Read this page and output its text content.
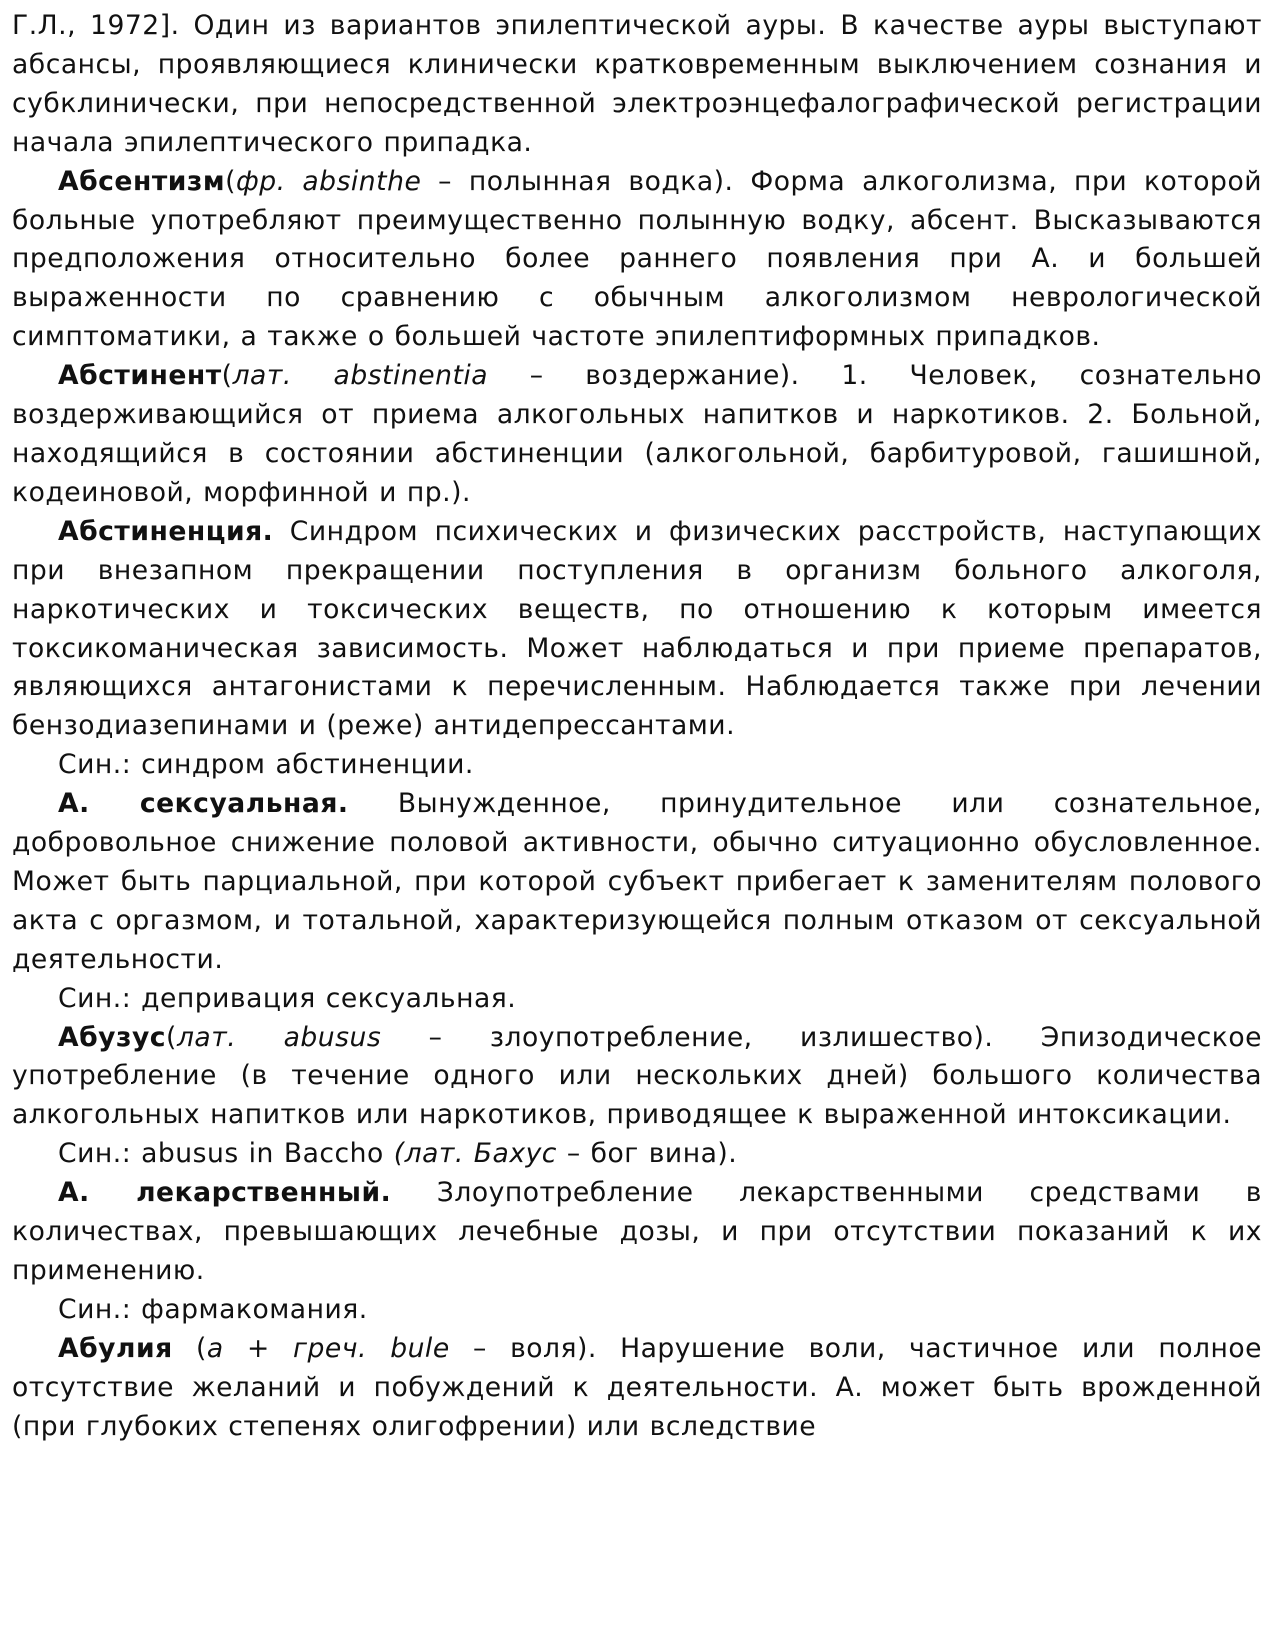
Г.Л., 1972]. Один из вариантов эпилептической ауры. В качестве ауры выступают абсансы, проявляющиеся клинически кратковременным выключением сознания и субклинически, при непосредственной электроэнцефалографической регистрации начала эпилептического припадка.

Абсентизм(фр. absinthe – полынная водка). Форма алкоголизма, при которой больные употребляют преимущественно полынную водку, абсент. Высказываются предположения относительно более раннего появления при А. и большей выраженности по сравнению с обычным алкоголизмом неврологической симптоматики, а также о большей частоте эпилептиформных припадков.

Абстинент(лат. abstinentia – воздержание). 1. Человек, сознательно воздерживающийся от приема алкогольных напитков и наркотиков. 2. Больной, находящийся в состоянии абстиненции (алкогольной, барбитуровой, гашишной, кодеиновой, морфинной и пр.).

Абстиненция. Синдром психических и физических расстройств, наступающих при внезапном прекращении поступления в организм больного алкоголя, наркотических и токсических веществ, по отношению к которым имеется токсикоманическая зависимость. Может наблюдаться и при приеме препаратов, являющихся антагонистами к перечисленным. Наблюдается также при лечении бензодиазепинами и (реже) антидепрессантами.

Син.: синдром абстиненции.

А. сексуальная. Вынужденное, принудительное или сознательное, добровольное снижение половой активности, обычно ситуационно обусловленное. Может быть парциальной, при которой субъект прибегает к заменителям полового акта с оргазмом, и тотальной, характеризующейся полным отказом от сексуальной деятельности.

Син.: депривация сексуальная.

Абузус(лат. abusus – злоупотребление, излишество). Эпизодическое употребление (в течение одного или нескольких дней) большого количества алкогольных напитков или наркотиков, приводящее к выраженной интоксикации.

Син.: abusus in Baccho (лат. Бахус – бог вина).

А. лекарственный. Злоупотребление лекарственными средствами в количествах, превышающих лечебные дозы, и при отсутствии показаний к их применению.

Син.: фармакомания.

Абулия (а + греч. bule – воля). Нарушение воли, частичное или полное отсутствие желаний и побуждений к деятельности. А. может быть врожденной (при глубоких степенях олигофрении) или вследствие
